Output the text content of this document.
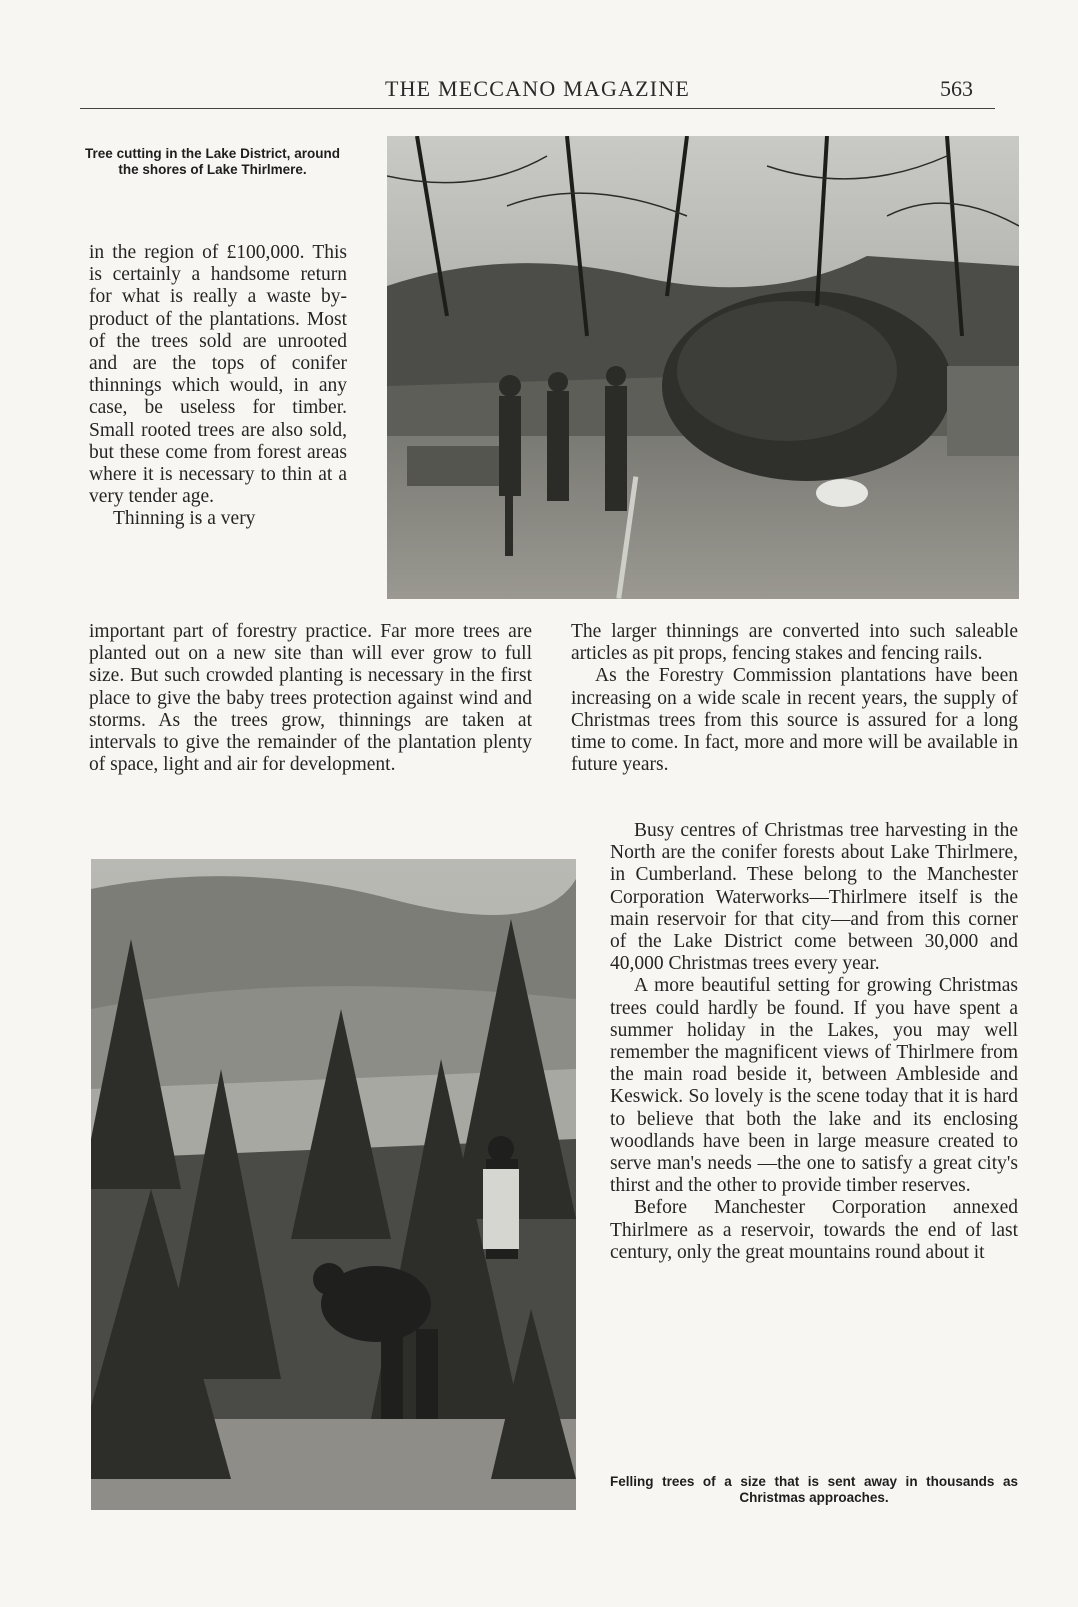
THE MECCANO MAGAZINE	563
Tree cutting in the Lake District, around the shores of Lake Thirlmere.

in the region of £100,000. This is certainly a handsome return for what is really a waste by-product of the plantations. Most of the trees sold are unrooted and are the tops of conifer thinnings which would, in any case, be useless for timber. Small rooted trees are also sold, but these come from forest areas where it is necessary to thin at a very tender age.

Thinning is a very

important part of forestry practice. Far more trees are planted out on a new site than will ever grow to full size. But such crowded planting is necessary in the first place to give the baby trees protection against wind and storms. As the trees grow, thinnings are taken at intervals to give the remainder of the plantation plenty of space, light and air for development.

The larger thinnings are converted into such saleable articles as pit props, fencing stakes and fencing rails.

As the Forestry Commission plantations have been increasing on a wide scale in recent years, the supply of Christmas trees from this source is assured for a long time to come. In fact, more and more will be available in future years.

Busy centres of Christmas tree harvesting in the North are the conifer forests about Lake Thirlmere, in Cumberland. These belong to the Manchester Corporation Waterworks—Thirlmere itself is the main reservoir for that city—and from this corner of the Lake District come between 30,000 and 40,000 Christmas trees every year.

A more beautiful setting for growing Christmas trees could hardly be found. If you have spent a summer holiday in the Lakes, you may well remember the magnificent views of Thirlmere from the main road beside it, between Ambleside and Keswick. So lovely is the scene today that it is hard to believe that both the lake and its enclosing woodlands have been in large measure created to serve man's needs —the one to satisfy a great city's thirst and the other to provide timber reserves.

Before Manchester Corporation annexed Thirlmere as a reservoir, towards the end of last century, only the great mountains round about it

Felling trees of a size that is sent away in thousands as Christmas approaches.
